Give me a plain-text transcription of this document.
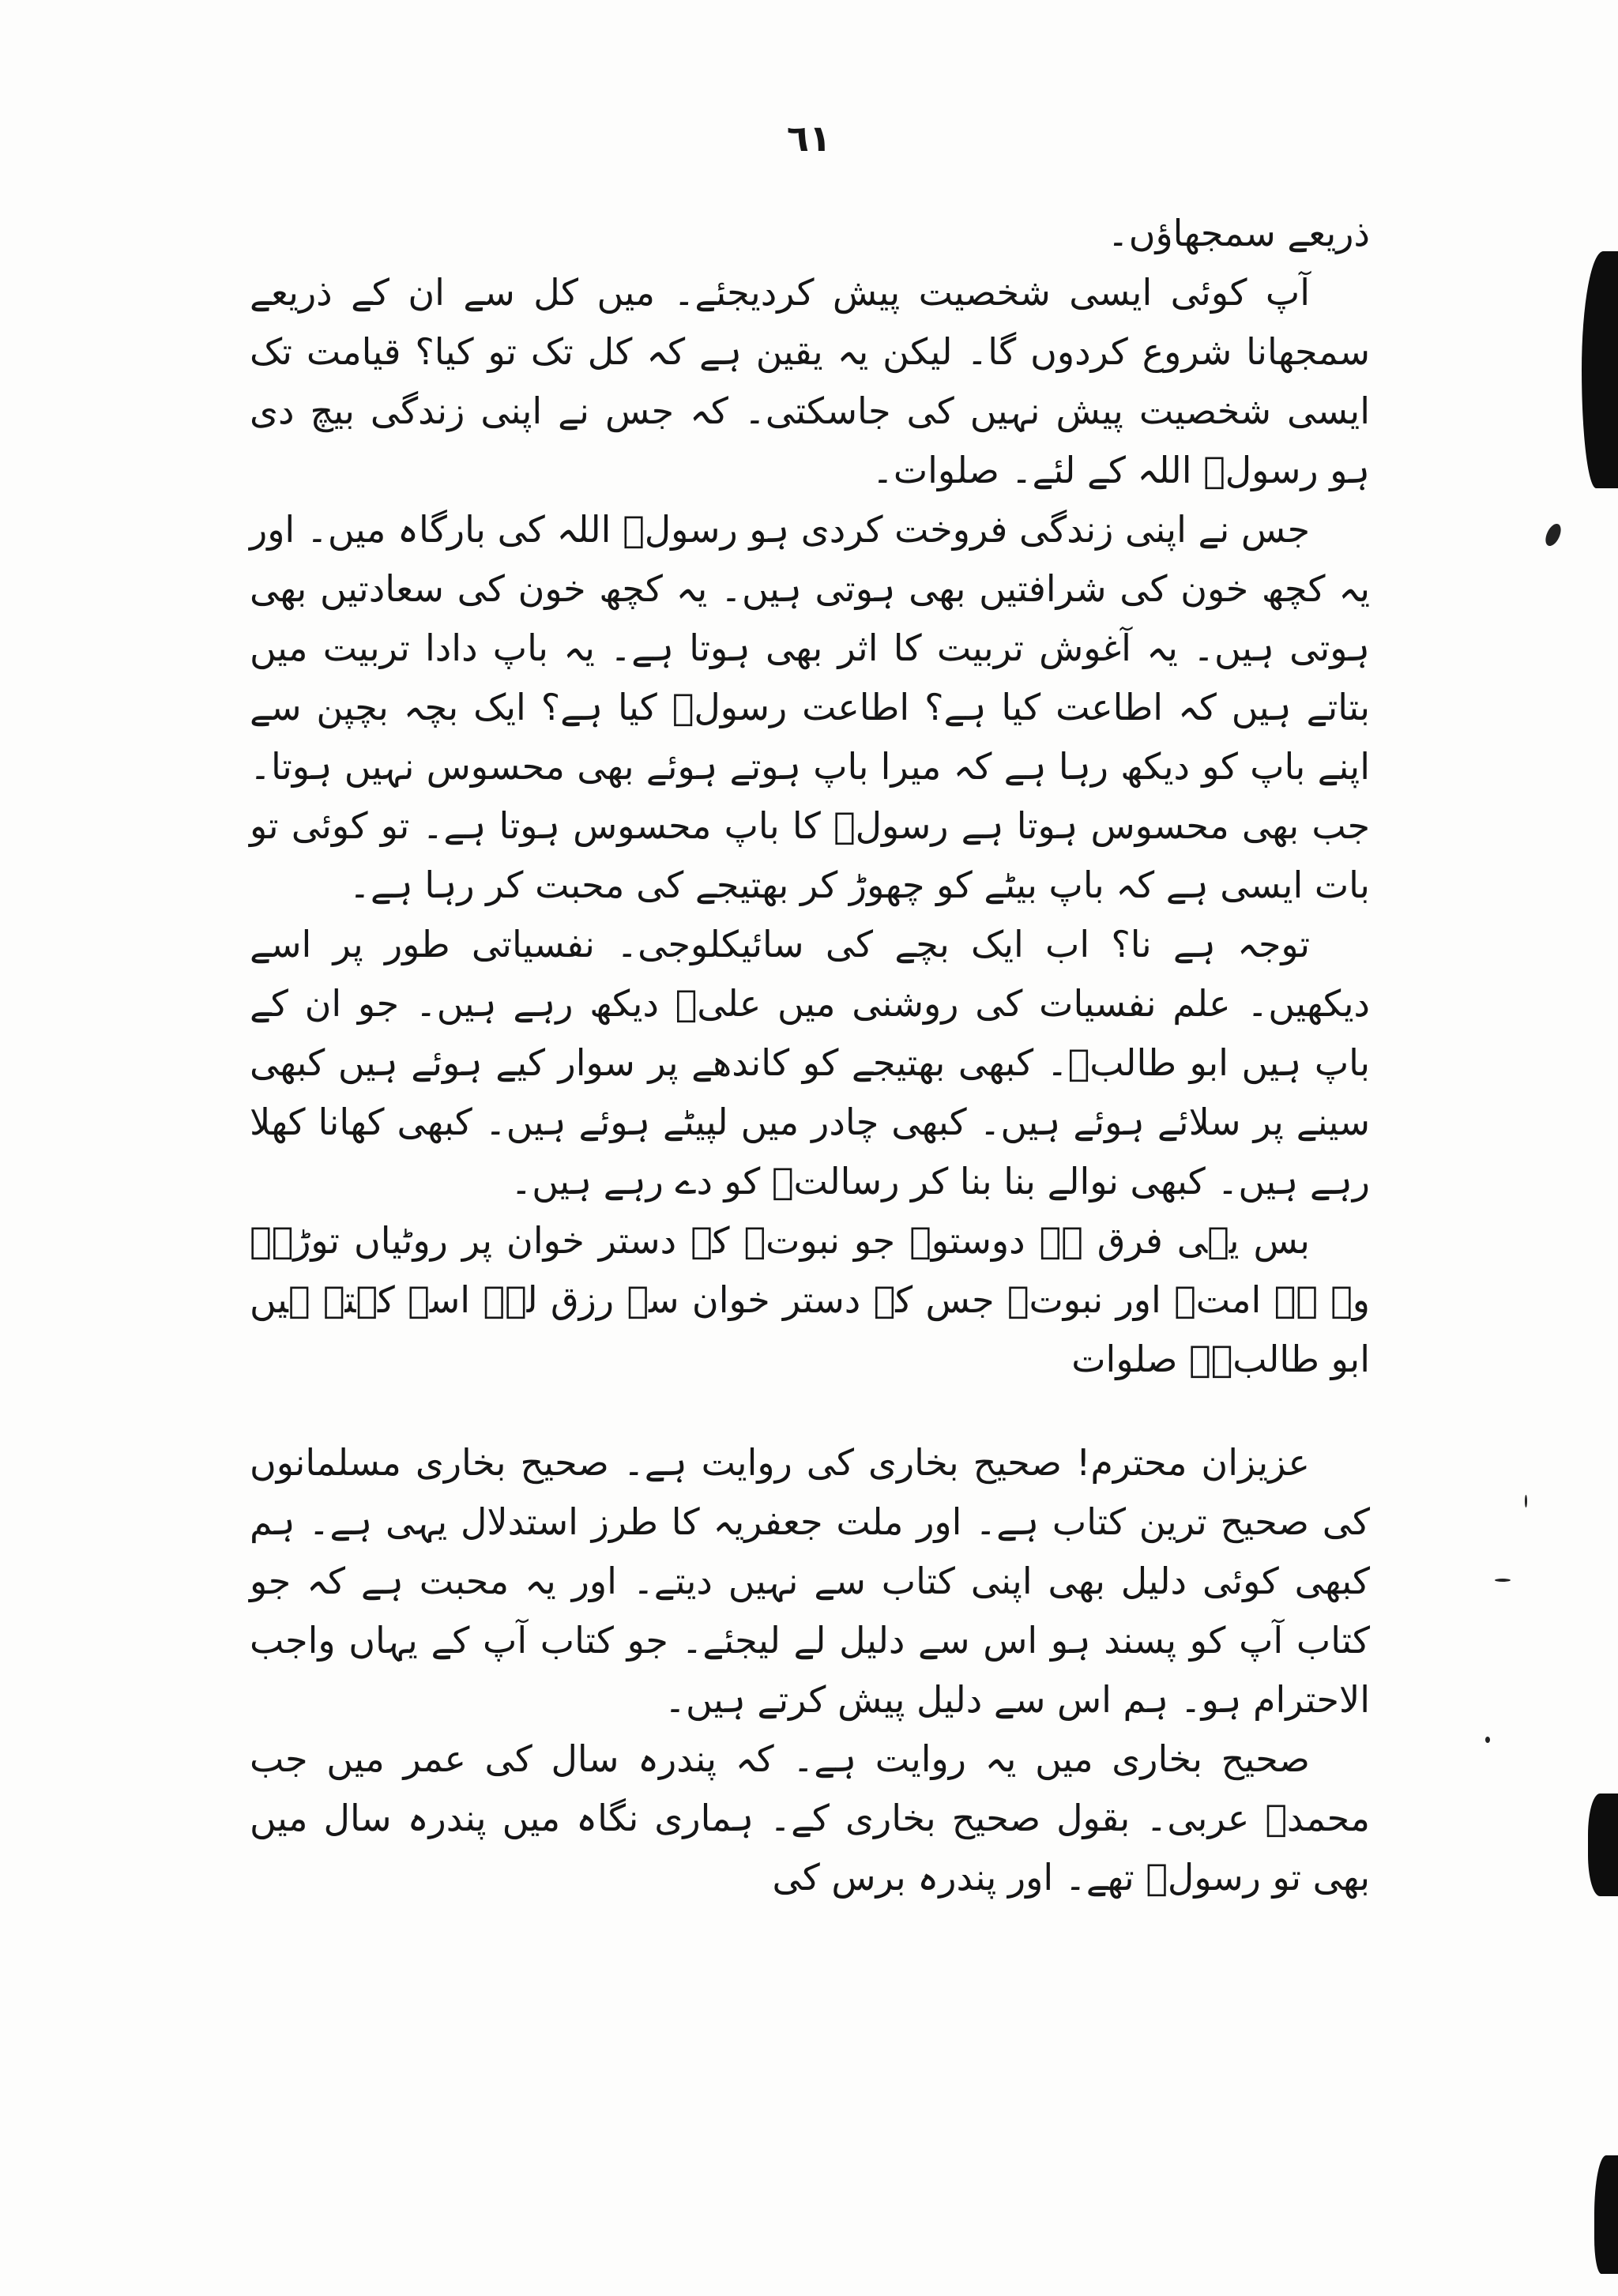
٦١

ذریعے سمجھاؤں۔

آپ کوئی ایسی شخصیت پیش کردیجئے۔ میں کل سے ان کے ذریعے سمجھانا شروع کردوں گا۔ لیکن یہ یقین ہے کہ کل تک تو کیا؟ قیامت تک ایسی شخصیت پیش نہیں کی جاسکتی۔ کہ جس نے اپنی زندگی بیچ دی ہو رسولؐ اللہ کے لئے۔ صلوات۔

جس نے اپنی زندگی فروخت کردی ہو رسولؐ اللہ کی بارگاہ میں۔ اور یہ کچھ خون کی شرافتیں بھی ہوتی ہیں۔ یہ کچھ خون کی سعادتیں بھی ہوتی ہیں۔ یہ آغوش تربیت کا اثر بھی ہوتا ہے۔ یہ باپ دادا تربیت میں بتاتے ہیں کہ اطاعت کیا ہے؟ اطاعت رسولؐ کیا ہے؟ ایک بچہ بچپن سے اپنے باپ کو دیکھ رہا ہے کہ میرا باپ ہوتے ہوئے بھی محسوس نہیں ہوتا۔ جب بھی محسوس ہوتا ہے رسولؐ کا باپ محسوس ہوتا ہے۔ تو کوئی تو بات ایسی ہے کہ باپ بیٹے کو چھوڑ کر بھتیجے کی محبت کر رہا ہے۔

توجہ ہے نا؟ اب ایک بچے کی سائیکلوجی۔ نفسیاتی طور پر اسے دیکھیں۔ علم نفسیات کی روشنی میں علیؑ دیکھ رہے ہیں۔ جو ان کے باپ ہیں ابو طالبؑ۔ کبھی بھتیجے کو کاندھے پر سوار کیے ہوئے ہیں کبھی سینے پر سلائے ہوئے ہیں۔ کبھی چادر میں لپیٹے ہوئے ہیں۔ کبھی کھانا کھلا رہے ہیں۔ کبھی نوالے بنا بنا کر رسالتؐ کو دے رہے ہیں۔

بس یہی فرق ہے دوستو۔ جو نبوتؐ کے دستر خوان پر روٹیاں توڑے۔ وہ ہے امت۔ اور نبوتؐ جس کے دستر خوان سے رزق لے۔ اسے کہتے ہیں ابو طالبؑ۔ صلوات

عزیزان محترم! صحیح بخاری کی روایت ہے۔ صحیح بخاری مسلمانوں کی صحیح ترین کتاب ہے۔ اور ملت جعفریہ کا طرز استدلال یہی ہے۔ ہم کبھی کوئی دلیل بھی اپنی کتاب سے نہیں دیتے۔ اور یہ محبت ہے کہ جو کتاب آپ کو پسند ہو اس سے دلیل لے لیجئے۔ جو کتاب آپ کے یہاں واجب الاحترام ہو۔ ہم اس سے دلیل پیش کرتے ہیں۔

صحیح بخاری میں یہ روایت ہے۔ کہ پندرہ سال کی عمر میں جب محمدؐ عربی۔ بقول صحیح بخاری کے۔ ہماری نگاہ میں پندرہ سال میں بھی تو رسولؐ تھے۔ اور پندرہ برس کی
